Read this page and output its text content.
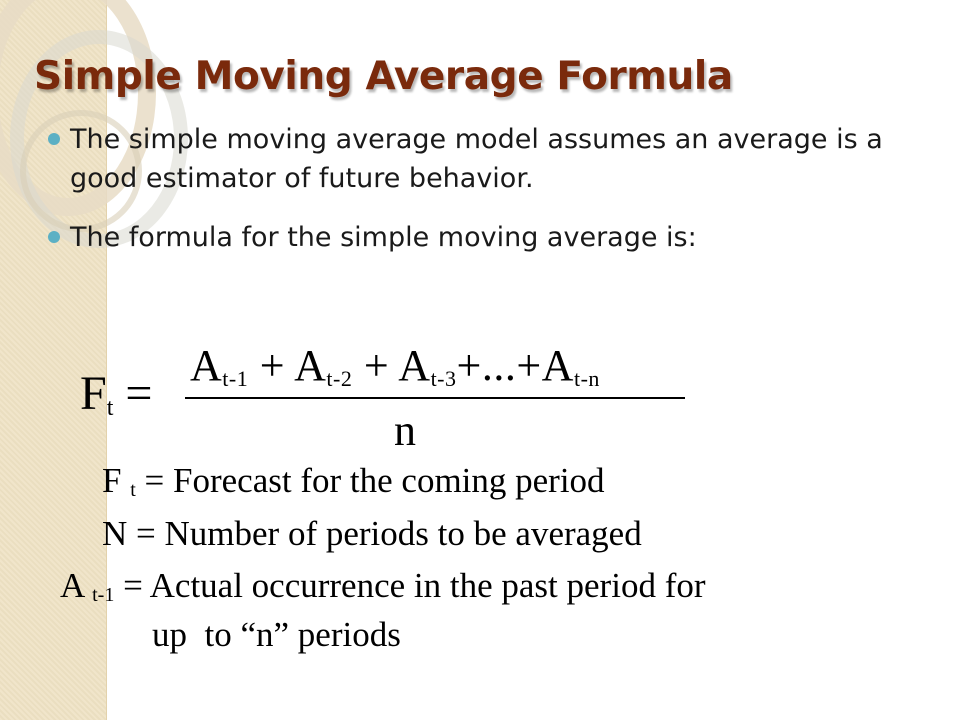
Simple Moving Average Formula
The simple moving average model assumes an average is a good estimator of future behavior.
The formula for the simple moving average is:
$F_t$ =
$A_{t-1} + A_{t-2} + A_{t-3}+...+A_{t-n}$
n
F $_t$ = Forecast for the coming period
N = Number of periods to be averaged
A $_{t-1}$ = Actual occurrence in the past period for
up  to “n” periods
